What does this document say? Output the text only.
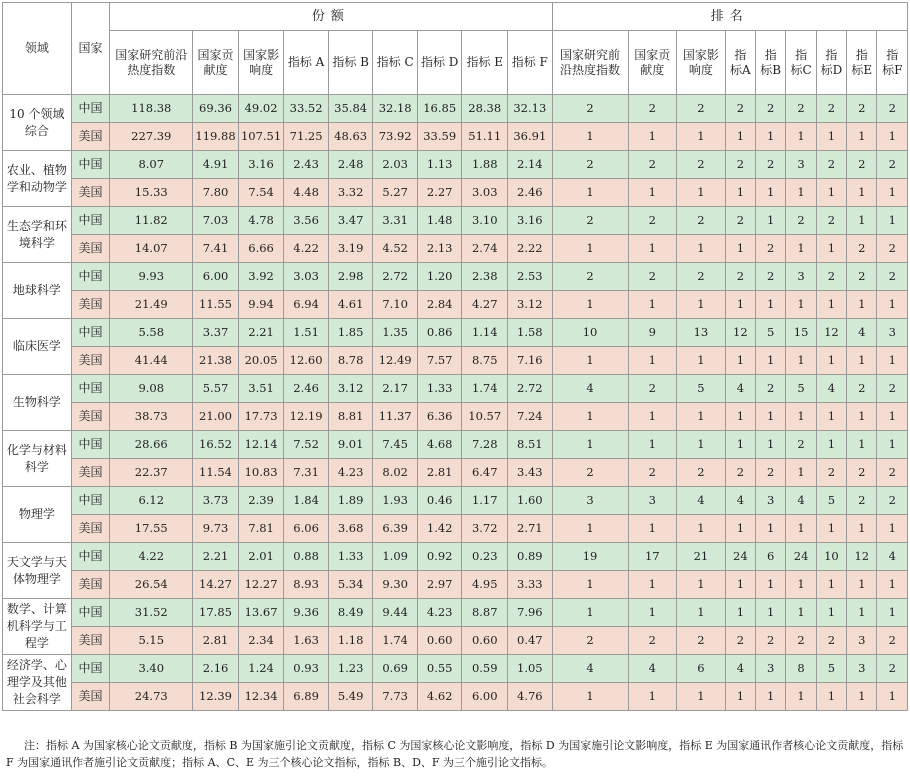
领域	国家	份额									排名								
		国家研究前沿热度指数	国家贡献度	国家影响度	指标 A	指标 B	指标 C	指标 D	指标 E	指标 F	国家研究前沿热度指数	国家贡献度	国家影响度	指标A	指标B	指标C	指标D	指标E	指标F
10 个领域综合	中国	118.38	69.36	49.02	33.52	35.84	32.18	16.85	28.38	32.13	2	2	2	2	2	2	2	2	2
	美国	227.39	119.88	107.51	71.25	48.63	73.92	33.59	51.11	36.91	1	1	1	1	1	1	1	1	1
农业、植物学和动物学	中国	8.07	4.91	3.16	2.43	2.48	2.03	1.13	1.88	2.14	2	2	2	2	2	3	2	2	2
	美国	15.33	7.80	7.54	4.48	3.32	5.27	2.27	3.03	2.46	1	1	1	1	1	1	1	1	1
生态学和环境科学	中国	11.82	7.03	4.78	3.56	3.47	3.31	1.48	3.10	3.16	2	2	2	2	1	2	2	1	1
	美国	14.07	7.41	6.66	4.22	3.19	4.52	2.13	2.74	2.22	1	1	1	1	2	1	1	2	2
地球科学	中国	9.93	6.00	3.92	3.03	2.98	2.72	1.20	2.38	2.53	2	2	2	2	2	3	2	2	2
	美国	21.49	11.55	9.94	6.94	4.61	7.10	2.84	4.27	3.12	1	1	1	1	1	1	1	1	1
临床医学	中国	5.58	3.37	2.21	1.51	1.85	1.35	0.86	1.14	1.58	10	9	13	12	5	15	12	4	3
	美国	41.44	21.38	20.05	12.60	8.78	12.49	7.57	8.75	7.16	1	1	1	1	1	1	1	1	1
生物科学	中国	9.08	5.57	3.51	2.46	3.12	2.17	1.33	1.74	2.72	4	2	5	4	2	5	4	2	2
	美国	38.73	21.00	17.73	12.19	8.81	11.37	6.36	10.57	7.24	1	1	1	1	1	1	1	1	1
化学与材料科学	中国	28.66	16.52	12.14	7.52	9.01	7.45	4.68	7.28	8.51	1	1	1	1	1	2	1	1	1
	美国	22.37	11.54	10.83	7.31	4.23	8.02	2.81	6.47	3.43	2	2	2	2	2	1	2	2	2
物理学	中国	6.12	3.73	2.39	1.84	1.89	1.93	0.46	1.17	1.60	3	3	4	4	3	4	5	2	2
	美国	17.55	9.73	7.81	6.06	3.68	6.39	1.42	3.72	2.71	1	1	1	1	1	1	1	1	1
天文学与天体物理学	中国	4.22	2.21	2.01	0.88	1.33	1.09	0.92	0.23	0.89	19	17	21	24	6	24	10	12	4
	美国	26.54	14.27	12.27	8.93	5.34	9.30	2.97	4.95	3.33	1	1	1	1	1	1	1	1	1
数学、计算机科学与工程学	中国	31.52	17.85	13.67	9.36	8.49	9.44	4.23	8.87	7.96	1	1	1	1	1	1	1	1	1
	美国	5.15	2.81	2.34	1.63	1.18	1.74	0.60	0.60	0.47	2	2	2	2	2	2	2	3	2
经济学、心理学及其他社会科学	中国	3.40	2.16	1.24	0.93	1.23	0.69	0.55	0.59	1.05	4	4	6	4	3	8	5	3	2
	美国	24.73	12.39	12.34	6.89	5.49	7.73	4.62	6.00	4.76	1	1	1	1	1	1	1	1	1
注：指标 A 为国家核心论文贡献度，指标 B 为国家施引论文贡献度，指标 C 为国家核心论文影响度，指标 D 为国家施引论文影响度，指标 E 为国家通讯作者核心论文贡献度，指标 F 为国家通讯作者施引论文贡献度；指标 A、C、E 为三个核心论文指标，指标 B、D、F 为三个施引论文指标。
